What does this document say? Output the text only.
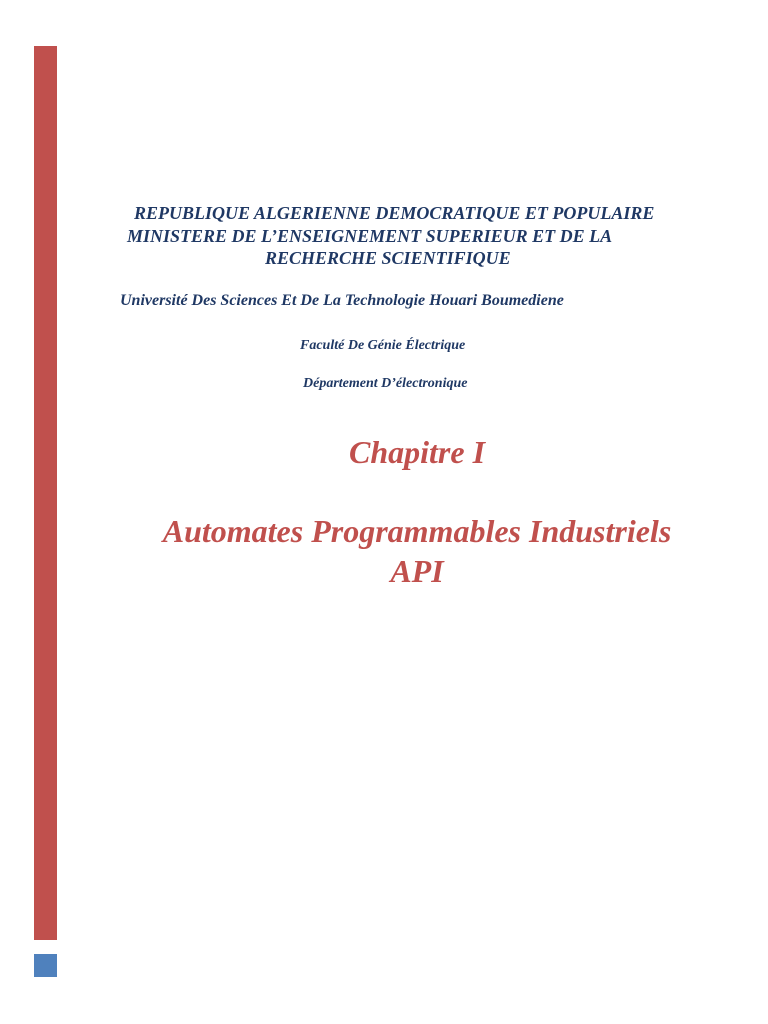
REPUBLIQUE ALGERIENNE DEMOCRATIQUE ET POPULAIRE
MINISTERE DE L’ENSEIGNEMENT SUPERIEUR ET DE LA
RECHERCHE SCIENTIFIQUE
Université Des Sciences Et De La Technologie Houari Boumediene
Faculté De Génie Électrique
Département D’électronique
Chapitre I
Automates Programmables Industriels
API
